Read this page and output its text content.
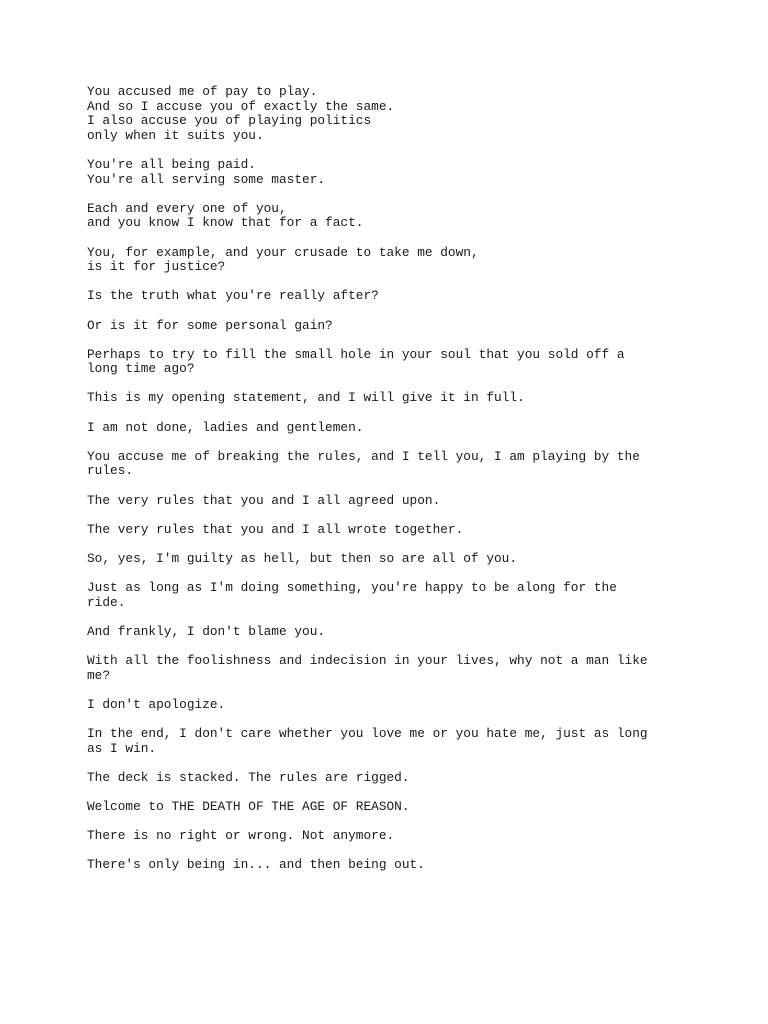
You accused me of pay to play.
And so I accuse you of exactly the same.
I also accuse you of playing politics
only when it suits you.

You're all being paid.
You're all serving some master.

Each and every one of you,
and you know I know that for a fact.

You, for example, and your crusade to take me down,
is it for justice?

Is the truth what you're really after?

Or is it for some personal gain?

Perhaps to try to fill the small hole in your soul that you sold off a
long time ago?

This is my opening statement, and I will give it in full.

I am not done, ladies and gentlemen.

You accuse me of breaking the rules, and I tell you, I am playing by the
rules.

The very rules that you and I all agreed upon.

The very rules that you and I all wrote together.

So, yes, I'm guilty as hell, but then so are all of you.

Just as long as I'm doing something, you're happy to be along for the
ride.

And frankly, I don't blame you.

With all the foolishness and indecision in your lives, why not a man like
me?

I don't apologize.

In the end, I don't care whether you love me or you hate me, just as long
as I win.

The deck is stacked. The rules are rigged.

Welcome to THE DEATH OF THE AGE OF REASON.

There is no right or wrong. Not anymore.

There's only being in... and then being out.
